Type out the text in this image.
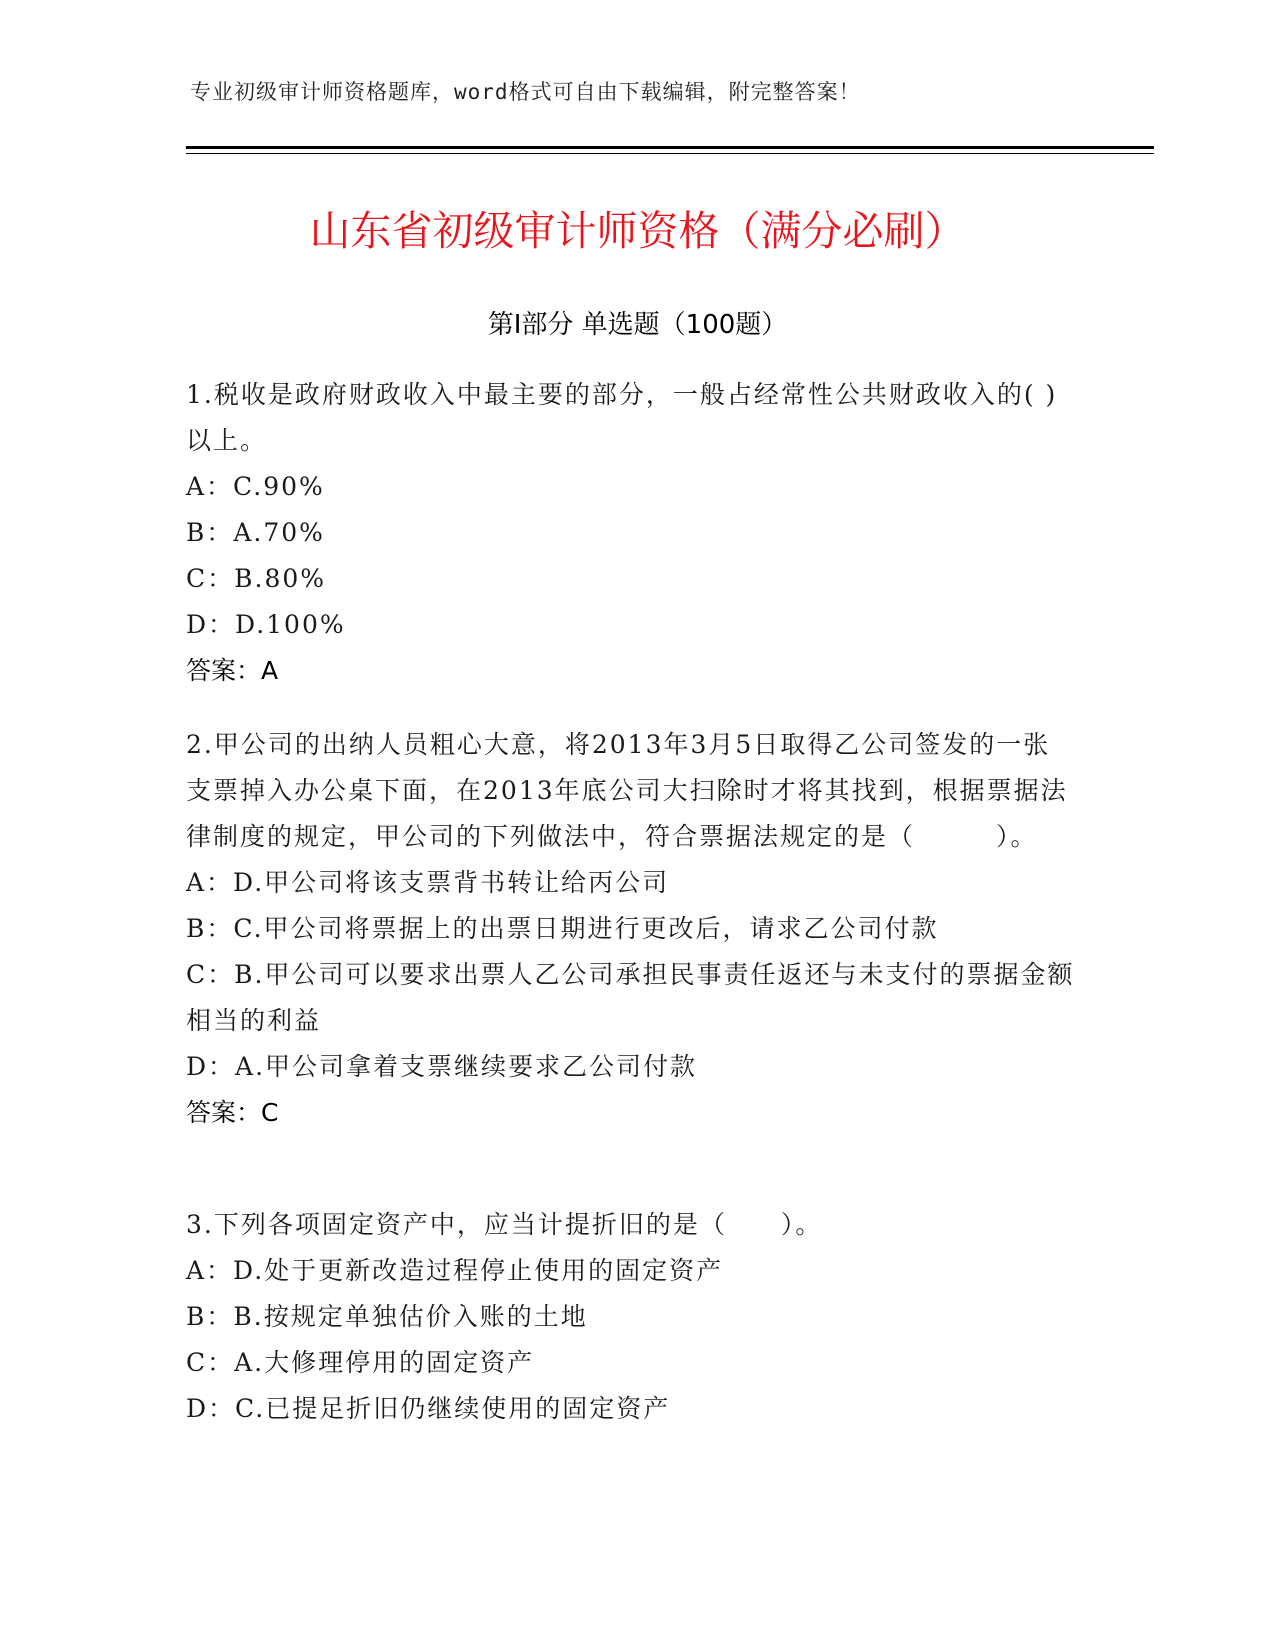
专业初级审计师资格题库，word格式可自由下载编辑，附完整答案！
山东省初级审计师资格（满分必刷）
第Ⅰ部分 单选题（100题）

1.税收是政府财政收入中最主要的部分，一般占经常性公共财政收入的( )以上。

A：C.90%

B：A.70%

C：B.80%

D：D.100%

答案：A

2.甲公司的出纳人员粗心大意，将2013年3月5日取得乙公司签发的一张支票掉入办公桌下面，在2013年底公司大扫除时才将其找到，根据票据法律制度的规定，甲公司的下列做法中，符合票据法规定的是（　　　）。

A：D.甲公司将该支票背书转让给丙公司

B：C.甲公司将票据上的出票日期进行更改后，请求乙公司付款

C：B.甲公司可以要求出票人乙公司承担民事责任返还与未支付的票据金额相当的利益

D：A.甲公司拿着支票继续要求乙公司付款

答案：C

3.下列各项固定资产中，应当计提折旧的是（　　）。

A：D.处于更新改造过程停止使用的固定资产

B：B.按规定单独估价入账的土地

C：A.大修理停用的固定资产

D：C.已提足折旧仍继续使用的固定资产
